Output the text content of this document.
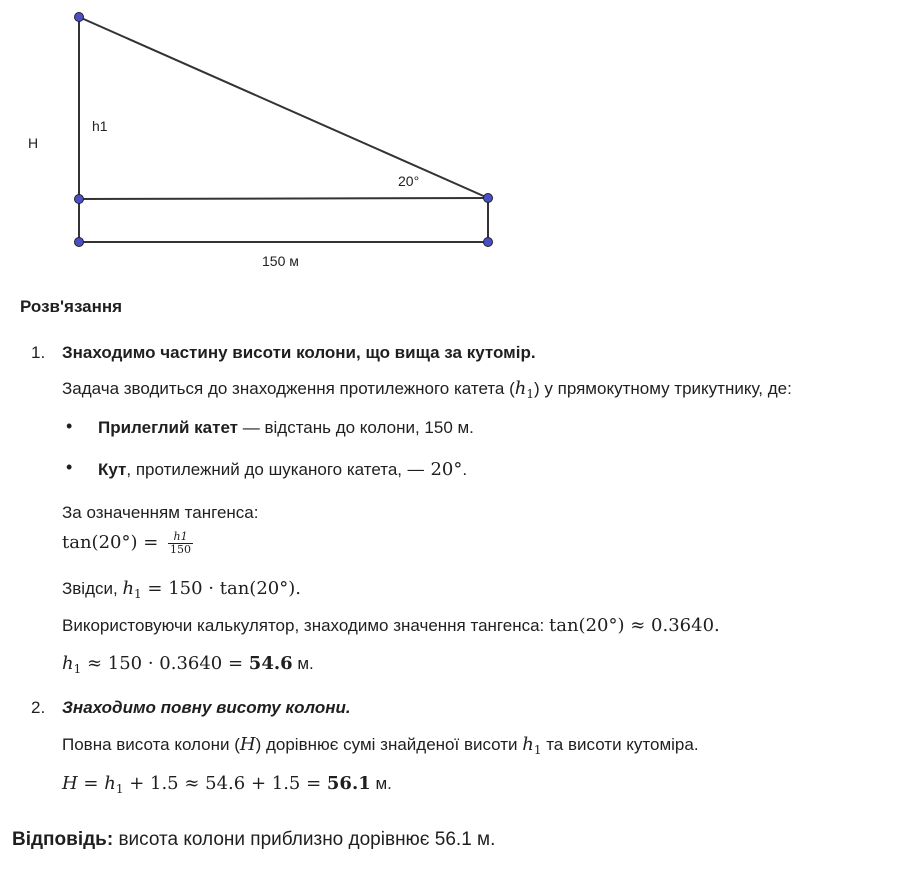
H
h1
20°
150 м
Розв'язання
1. Знаходимо частину висоти колони, що вища за кутомір.
Задача зводиться до знаходження протилежного катета $(h_1)$ у прямокутному трикутнику, де:
• Прилеглий катет — відстань до колони, 150 м.
• Кут, протилежний до шуканого катета, — 20°.
За означенням тангенса:
$\tan(20^\circ) = \frac{h1}{150}$
Звідси, $h_1 = 150 \cdot \tan(20^\circ)$.
Використовуючи калькулятор, знаходимо значення тангенса: tan(20°) ≈ 0.3640.
$h_1 \approx 150 \cdot 0.3640 = 54.6$ м.
2. Знаходимо повну висоту колони.
Повна висота колони (H) дорівнює сумі знайденої висоти $h_1$ та висоти кутоміра.
$H = h_1 + 1.5 \approx 54.6 + 1.5 = 56.1$ м.
Відповідь: висота колони приблизно дорівнює 56.1 м.
